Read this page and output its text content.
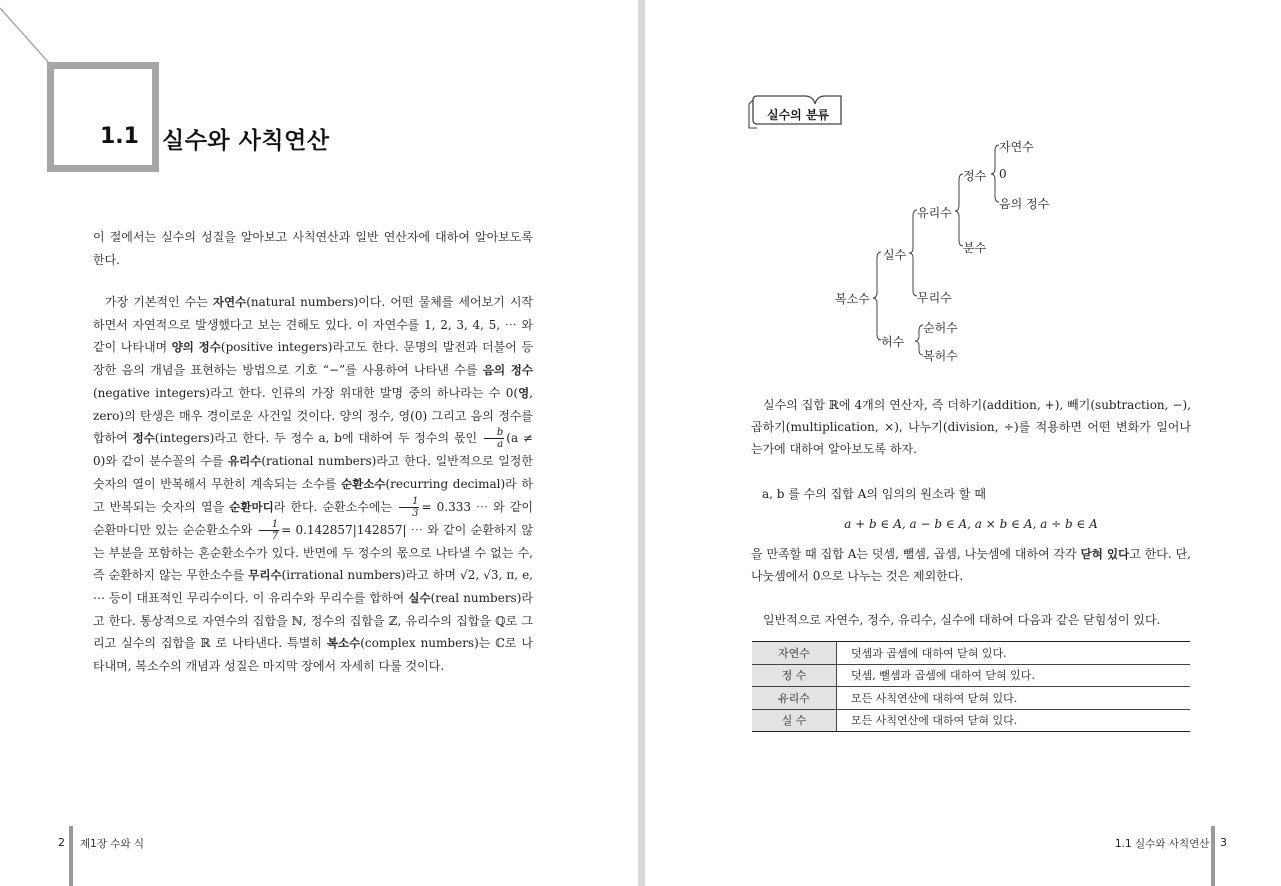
1.1 실수와 사칙연산

이 절에서는 실수의 성질을 알아보고 사칙연산과 일반 연산자에 대하여 알아보도록 한다.

가장 기본적인 수는 자연수(natural numbers)이다. 어떤 물체를 세어보기 시작하면서 자연적으로 발생했다고 보는 견해도 있다. 이 자연수를 1, 2, 3, 4, 5, ⋯ 와 같이 나타내며 양의 정수(positive integers)라고도 한다. 문명의 발전과 더불어 등장한 음의 개념을 표현하는 방법으로 기호 “−”를 사용하여 나타낸 수를 음의 정수(negative integers)라고 한다. 인류의 가장 위대한 발명 중의 하나라는 수 0(영, zero)의 탄생은 매우 경이로운 사건일 것이다. 양의 정수, 영(0) 그리고 음의 정수를 합하여 정수(integers)라고 한다. 두 정수 a, b에 대하여 두 정수의 몫인 $\frac{b}{a} (a \ne 0)$와 같이 분수꼴의 수를 유리수(rational numbers)라고 한다. 일반적으로 일정한 숫자의 열이 반복해서 무한히 계속되는 소수를 순환소수(recurring decimal)라 하고 반복되는 숫자의 열을 순환마디라 한다. 순환소수에는 $\frac{1}{3} = 0.333$ ⋯ 와 같이 순환마디만 있는 순순환소수와 $\frac{1}{7} = 0.142857|142857|$ ⋯ 와 같이 순환하지 않는 부분을 포함하는 혼순환소수가 있다. 반면에 두 정수의 몫으로 나타낼 수 없는 수, 즉 순환하지 않는 무한소수를 무리수(irrational numbers)라고 하며 √2, √3, π, e, ⋯ 등이 대표적인 무리수이다. 이 유리수와 무리수를 합하여 실수(real numbers)라고 한다. 통상적으로 자연수의 집합을 ℕ, 정수의 집합을 ℤ, 유리수의 집합을 ℚ로 그리고 실수의 집합을 ℝ 로 나타낸다. 특별히 복소수(complex numbers)는 ℂ로 나타내며, 복소수의 개념과 성질은 마지막 장에서 자세히 다룰 것이다.

2 제1장 수와 식
실수의 분류
복소수
실수
허수
유리수
무리수
정수
분수
자연수
0
음의 정수
순허수
복허수

실수의 집합 ℝ에 4개의 연산자, 즉 더하기(addition, +), 빼기(subtraction, −), 곱하기(multiplication, ×), 나누기(division, ÷)를 적용하면 어떤 변화가 일어나는가에 대하여 알아보도록 하자.

a, b 를 수의 집합 A의 임의의 원소라 할 때

a + b ∈ A, a − b ∈ A, a × b ∈ A, a ÷ b ∈ A

을 만족할 때 집합 A는 덧셈, 뺄셈, 곱셈, 나눗셈에 대하여 각각 닫혀 있다고 한다. 단, 나눗셈에서 0으로 나누는 것은 제외한다.

일반적으로 자연수, 정수, 유리수, 실수에 대하여 다음과 같은 닫힘성이 있다.

자연수	덧셈과 곱셈에 대하여 닫혀 있다.
정 수	덧셈, 뺄셈과 곱셈에 대하여 닫혀 있다.
유리수	모든 사칙연산에 대하여 닫혀 있다.
실 수	모든 사칙연산에 대하여 닫혀 있다.
1.1 실수와 사칙연산 3
